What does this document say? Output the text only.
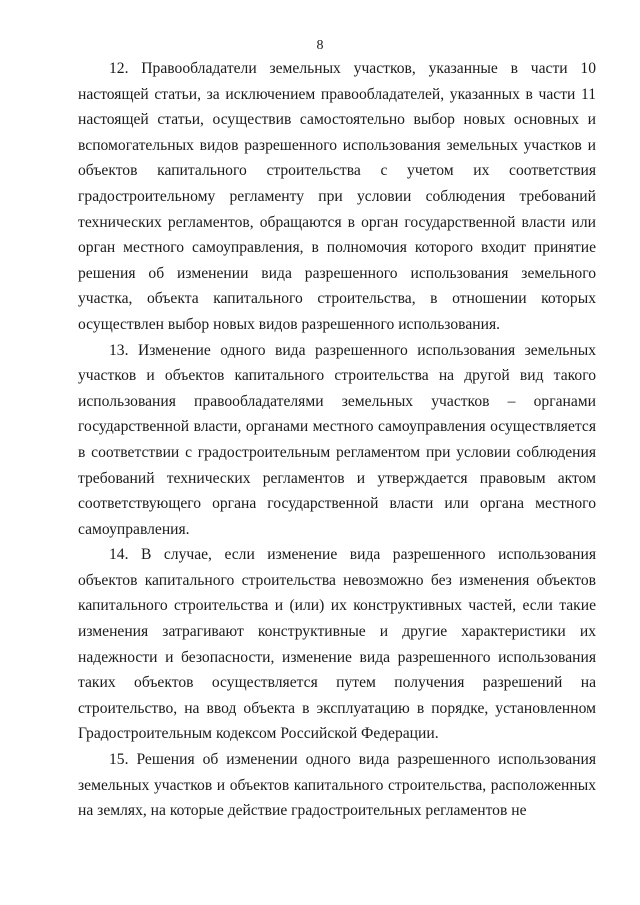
8

12. Правообладатели земельных участков, указанные в части 10 настоящей статьи, за исключением правообладателей, указанных в части 11 настоящей статьи, осуществив самостоятельно выбор новых основных и вспомогательных видов разрешенного использования земельных участков и объектов капитального строительства с учетом их соответствия градостроительному регламенту при условии соблюдения требований технических регламентов, обращаются в орган государственной власти или орган местного самоуправления, в полномочия которого входит принятие решения об изменении вида разрешенного использования земельного участка, объекта капитального строительства, в отношении которых осуществлен выбор новых видов разрешенного использования.

13. Изменение одного вида разрешенного использования земельных участков и объектов капитального строительства на другой вид такого использования правообладателями земельных участков – органами государственной власти, органами местного самоуправления осуществляется в соответствии с градостроительным регламентом при условии соблюдения требований технических регламентов и утверждается правовым актом соответствующего органа государственной власти или органа местного самоуправления.

14. В случае, если изменение вида разрешенного использования объектов капитального строительства невозможно без изменения объектов капитального строительства и (или) их конструктивных частей, если такие изменения затрагивают конструктивные и другие характеристики их надежности и безопасности, изменение вида разрешенного использования таких объектов осуществляется путем получения разрешений на строительство, на ввод объекта в эксплуатацию в порядке, установленном Градостроительным кодексом Российской Федерации.

15. Решения об изменении одного вида разрешенного использования земельных участков и объектов капитального строительства, расположенных на землях, на которые действие градостроительных регламентов не
